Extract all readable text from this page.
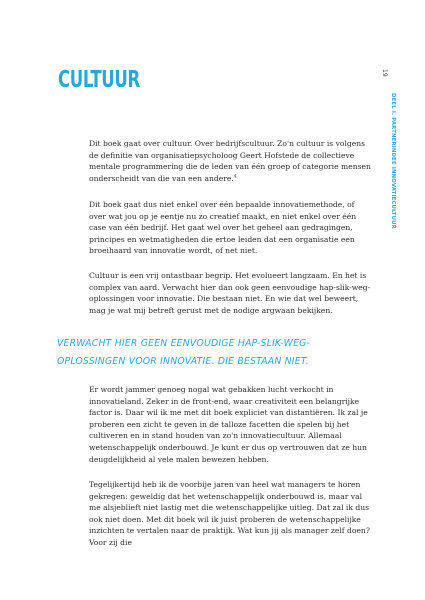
CULTUUR	19
DEEL I. PARTNERINDEE INNOVATIECULTUUR

Dit boek gaat over cultuur. Over bedrijfscultuur. Zo'n cultuur is volgens de definitie van organisatiepsycholoog Geert Hofstede de collectieve mentale programmering die de leden van één groep of categorie mensen onderscheidt van die van een andere.$^4$

Dit boek gaat dus niet enkel over één bepaalde innovatiemethode, of over wat jou op je eentje nu zo creatief maakt, en niet enkel over één case van één bedrijf. Het gaat wel over het geheel aan gedragingen, principes en wetmatigheden die ertoe leiden dat een organisatie een broeihaard van innovatie wordt, of net niet.

Cultuur is een vrij ontastbaar begrip. Het evolueert langzaam. En het is complex van aard. Verwacht hier dan ook geen eenvoudige hap-slik-weg-oplossingen voor innovatie. Die bestaan niet. En wie dat wel beweert, mag je wat mij betreft gerust met de nodige argwaan bekijken.

VERWACHT HIER GEEN EENVOUDIGE HAP-SLIK-WEG-OPLOSSINGEN VOOR INNOVATIE. DIE BESTAAN NIET.

Er wordt jammer genoeg nogal wat gebakken lucht verkocht in innovatieland. Zeker in de front-end, waar creativiteit een belangrijke factor is. Daar wil ik me met dit boek expliciet van distantiëren. Ik zal je proberen een zicht te geven in de talloze facetten die spelen bij het cultiveren en in stand houden van zo'n innovatiecultuur. Allemaal wetenschappelijk onderbouwd. Je kunt er dus op vertrouwen dat ze hun deugdelijkheid al vele malen bewezen hebben.

Tegelijkertijd heb ik de voorbije jaren van heel wat managers te horen gekregen: geweldig dat het wetenschappelijk onderbouwd is, maar val me alsjeblieft niet lastig met die wetenschappelijke uitleg. Dat zal ik dus ook niet doen. Met dit boek wil ik juist proberen de wetenschappelijke inzichten te vertalen naar de praktijk. Wat kun jij als manager zelf doen? Voor zij die
